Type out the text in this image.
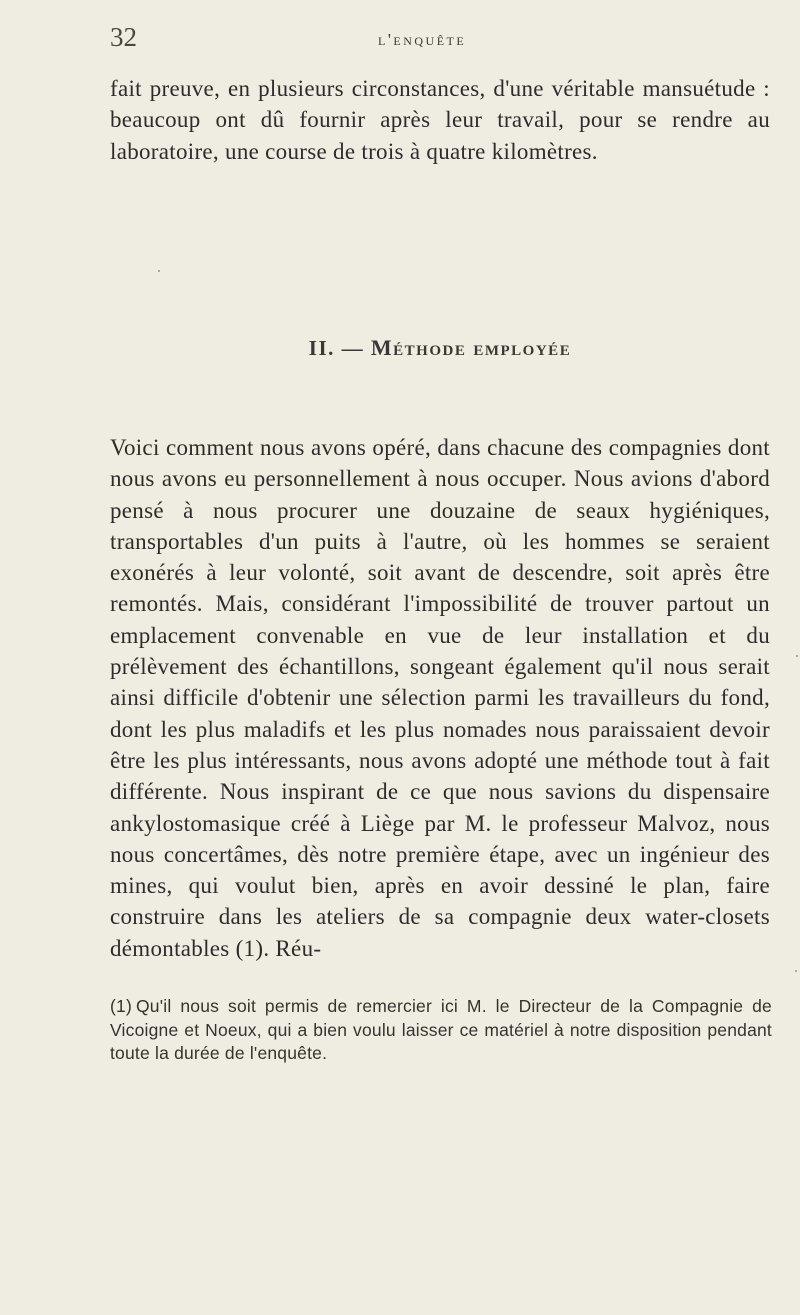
32	l'enquête

fait preuve, en plusieurs circonstances, d'une véritable mansuétude : beaucoup ont dû fournir après leur travail, pour se rendre au laboratoire, une course de trois à quatre kilomètres.

II. — Méthode employée

Voici comment nous avons opéré, dans chacune des compagnies dont nous avons eu personnellement à nous occuper. Nous avions d'abord pensé à nous procurer une douzaine de seaux hygiéniques, transportables d'un puits à l'autre, où les hommes se seraient exonérés à leur volonté, soit avant de descendre, soit après être remontés. Mais, considérant l'impossibilité de trouver partout un emplacement convenable en vue de leur installation et du prélèvement des échantillons, songeant également qu'il nous serait ainsi difficile d'obtenir une sélection parmi les travailleurs du fond, dont les plus maladifs et les plus nomades nous paraissaient devoir être les plus intéressants, nous avons adopté une méthode tout à fait différente. Nous inspirant de ce que nous savions du dispensaire ankylostomasique créé à Liège par M. le professeur Malvoz, nous nous concertâmes, dès notre première étape, avec un ingénieur des mines, qui voulut bien, après en avoir dessiné le plan, faire construire dans les ateliers de sa compagnie deux water-closets démontables (1). Réu-

(1) Qu'il nous soit permis de remercier ici M. le Directeur de la Compagnie de Vicoigne et Noeux, qui a bien voulu laisser ce matériel à notre disposition pendant toute la durée de l'enquête.
